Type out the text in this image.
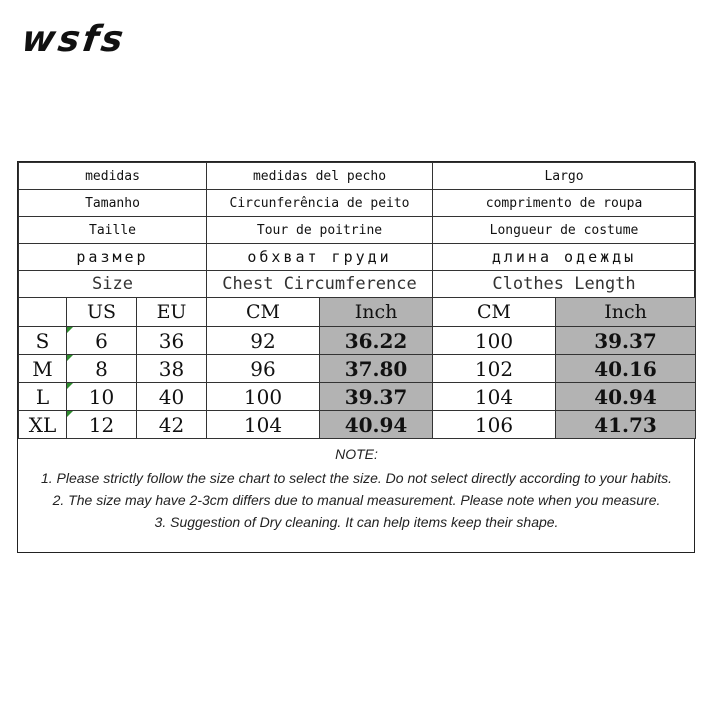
wsfs
medidas			medidas del pecho		Largo	
Tamanho			Circunferência de peito		comprimento de roupa	
Taille			Tour de poitrine		Longueur de costume	
размер			обхват груди		длина одежды	
Size			Chest Circumference		Clothes Length	
	US	EU	CM	Inch	CM	Inch
S	6	36	92	36.22	100	39.37
M	8	38	96	37.80	102	40.16
L	10	40	100	39.37	104	40.94
XL	12	42	104	40.94	106	41.73
NOTE:
1. Please strictly follow the size chart to select the size. Do not select directly according to your habits.
2. The size may have 2-3cm differs due to manual measurement. Please note when you measure.
3. Suggestion of Dry cleaning. It can help items keep their shape.
